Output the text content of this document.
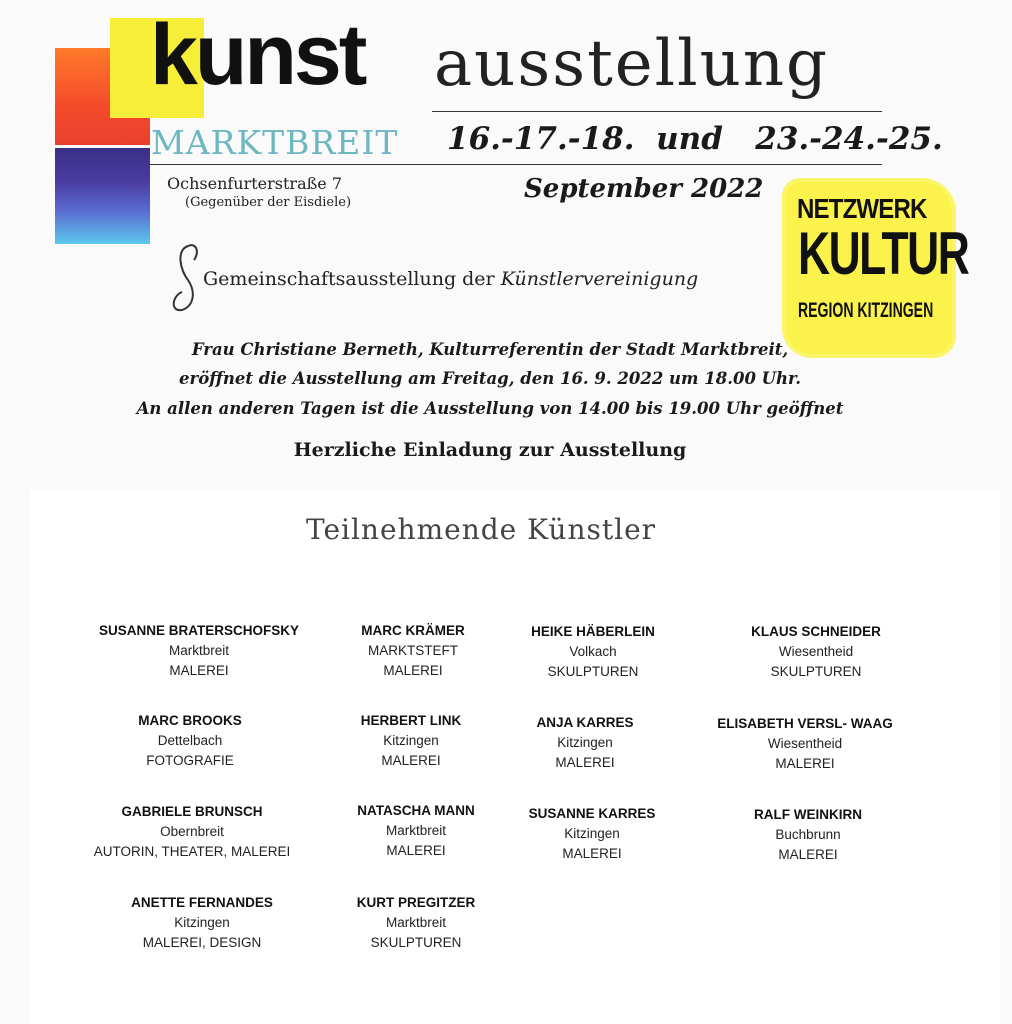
kunst ausstellung
MARKTBREIT 16.-17.-18.  und   23.-24.-25.
Ochsenfurterstraße 7
(Gegenüber der Eisdiele)	September 2022
NETZWERK
KULTUR
REGION KITZINGEN
Gemeinschaftsausstellung der Künstlervereinigung
Frau Christiane Berneth, Kulturreferentin der Stadt Marktbreit,
eröffnet die Ausstellung am Freitag, den 16. 9. 2022 um 18.00 Uhr.
An allen anderen Tagen ist die Ausstellung von 14.00 bis 19.00 Uhr geöffnet
Herzliche Einladung zur Ausstellung
Teilnehmende Künstler
SUSANNE BRATERSCHOFSKY
Marktbreit
MALEREI
MARC KRÄMER
MARKTSTEFT
MALEREI
HEIKE HÄBERLEIN
Volkach
SKULPTUREN
KLAUS SCHNEIDER
Wiesentheid
SKULPTUREN
MARC BROOKS
Dettelbach
FOTOGRAFIE
HERBERT LINK
Kitzingen
MALEREI
ANJA KARRES
Kitzingen
MALEREI
ELISABETH VERSL- WAAG
Wiesentheid
MALEREI
GABRIELE BRUNSCH
Obernbreit
AUTORIN, THEATER, MALEREI
NATASCHA MANN
Marktbreit
MALEREI
SUSANNE KARRES
Kitzingen
MALEREI
RALF WEINKIRN
Buchbrunn
MALEREI
ANETTE FERNANDES
Kitzingen
MALEREI, DESIGN
KURT PREGITZER
Marktbreit
SKULPTUREN
